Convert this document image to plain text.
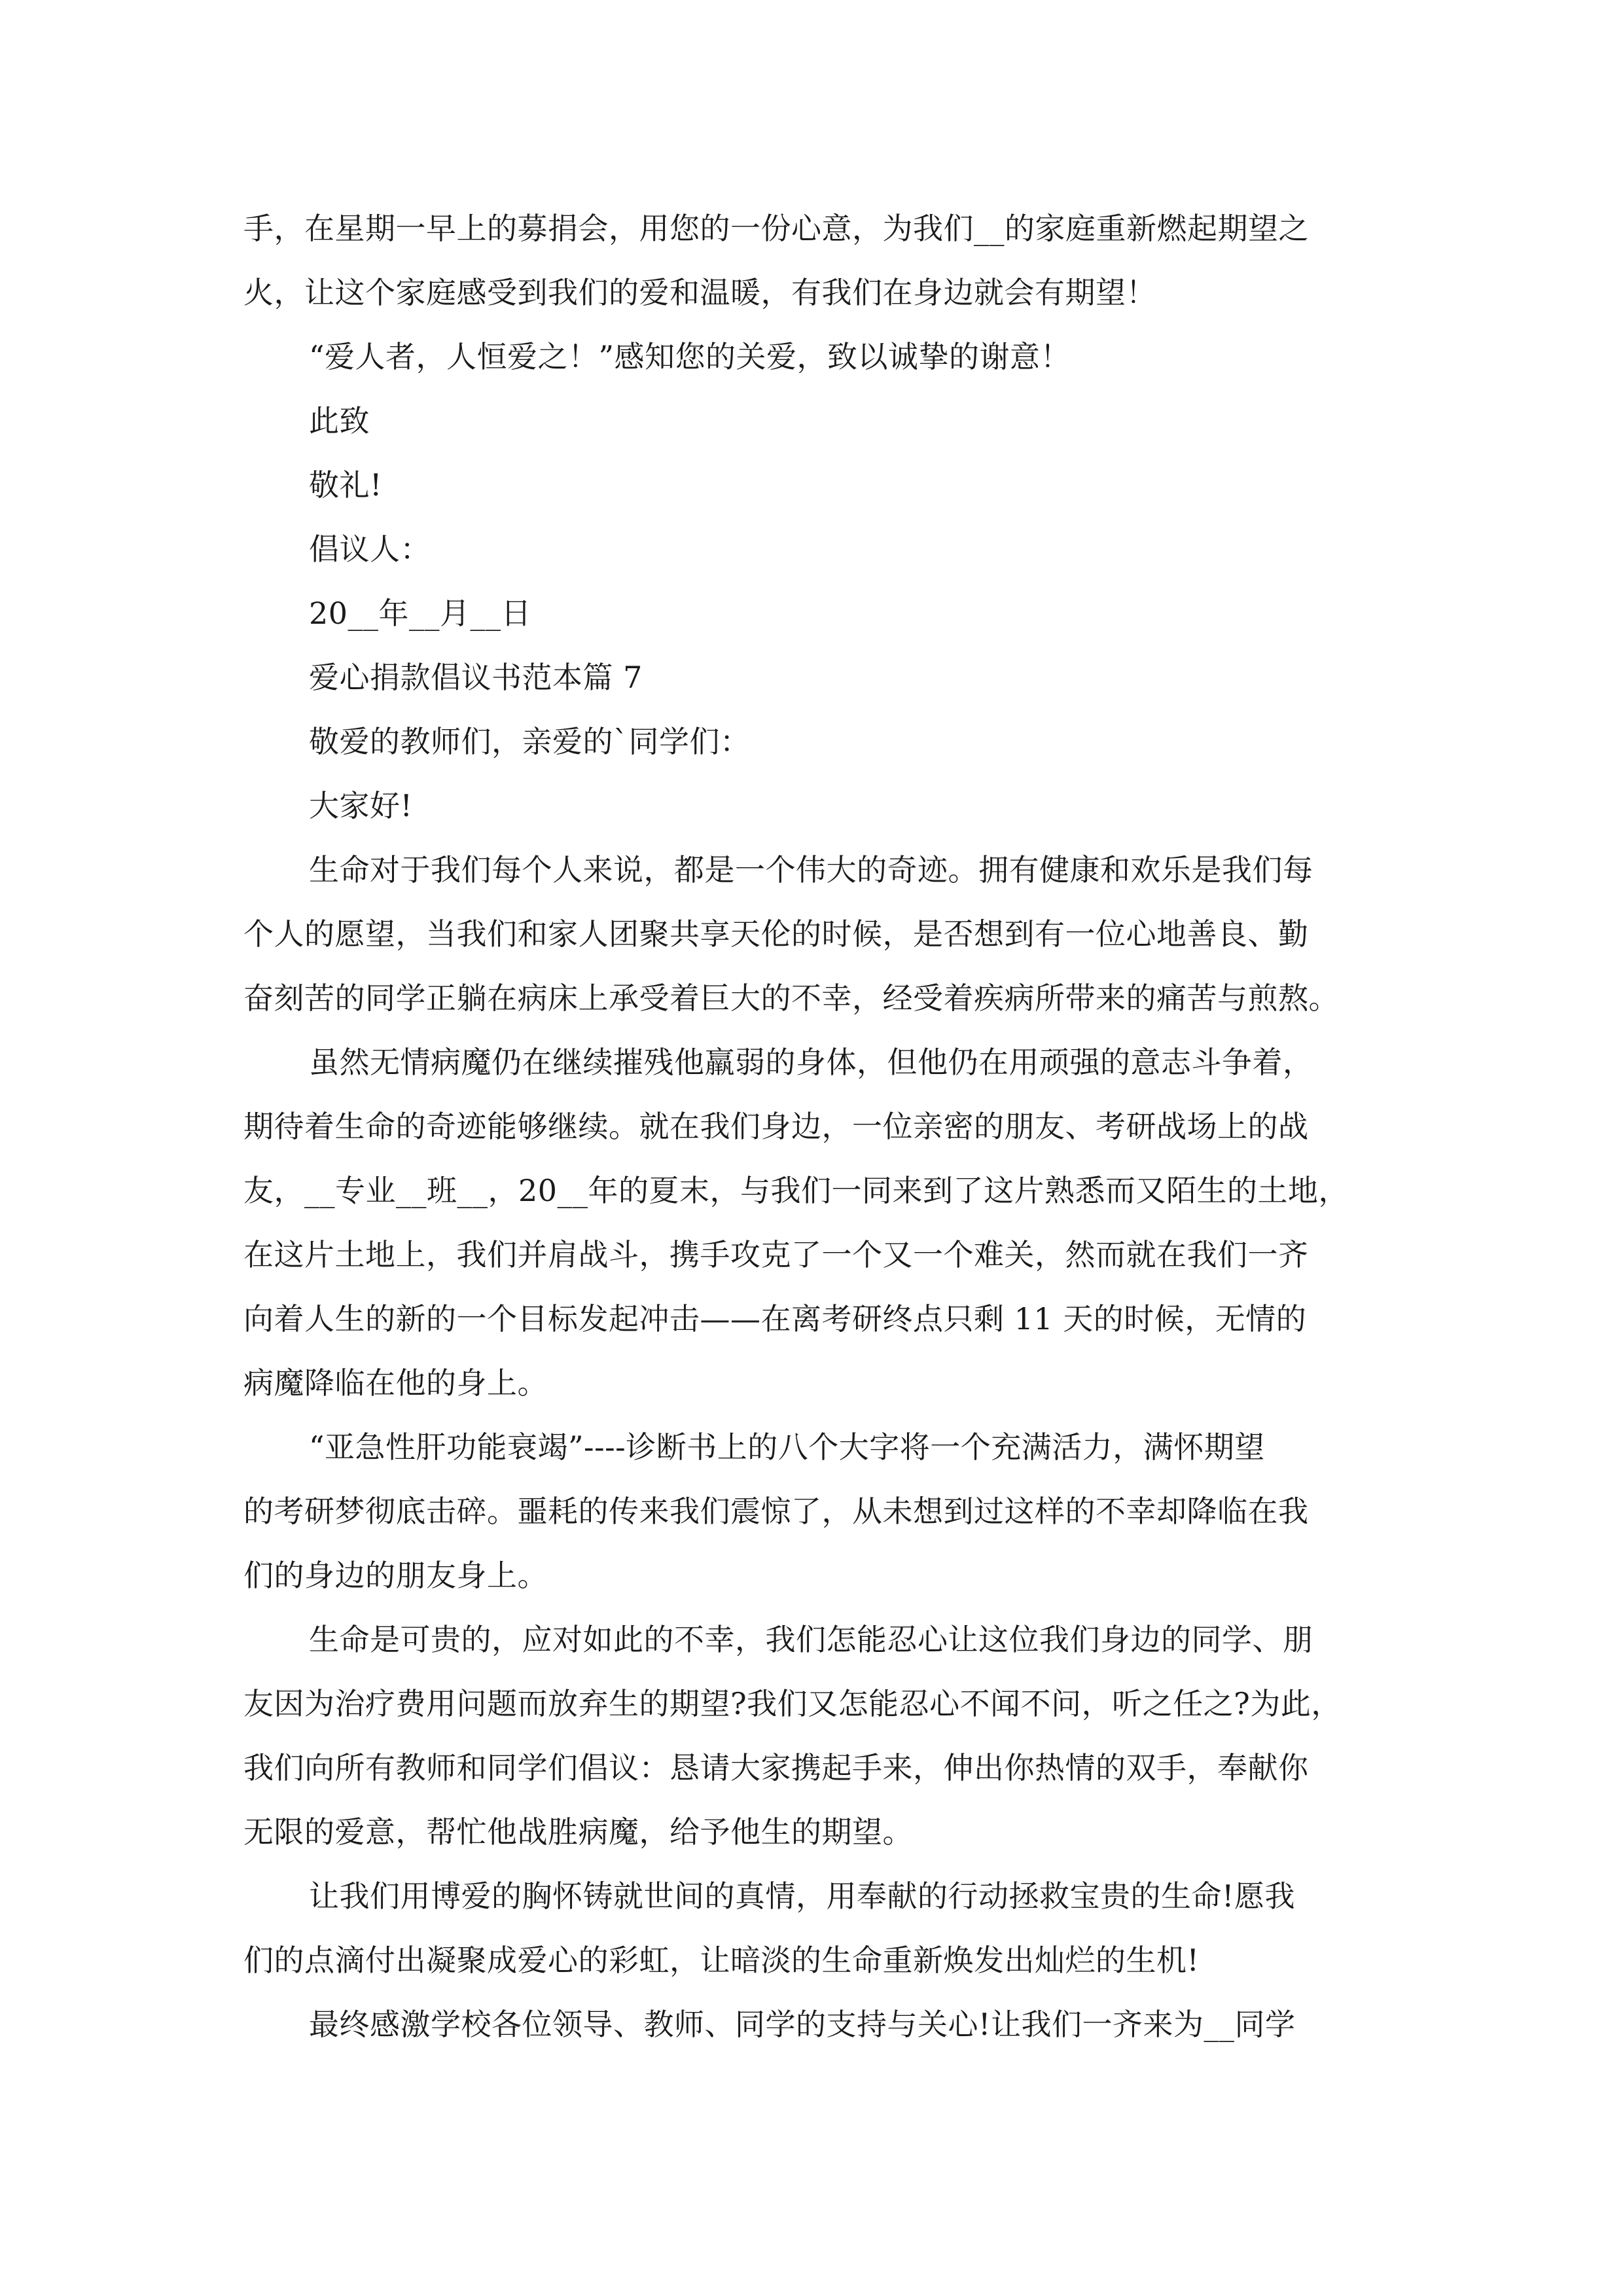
手，在星期一早上的募捐会，用您的一份心意，为我们__的家庭重新燃起期望之
火，让这个家庭感受到我们的爱和温暖，有我们在身边就会有期望！
“爱人者，人恒爱之！”感知您的关爱，致以诚挚的谢意！
此致
敬礼!
倡议人：
20__年__月__日
爱心捐款倡议书范本篇 7
敬爱的教师们，亲爱的`同学们：
大家好!
生命对于我们每个人来说，都是一个伟大的奇迹。拥有健康和欢乐是我们每
个人的愿望，当我们和家人团聚共享天伦的时候，是否想到有一位心地善良、勤
奋刻苦的同学正躺在病床上承受着巨大的不幸，经受着疾病所带来的痛苦与煎熬。
虽然无情病魔仍在继续摧残他羸弱的身体，但他仍在用顽强的意志斗争着，
期待着生命的奇迹能够继续。就在我们身边，一位亲密的朋友、考研战场上的战
友，__专业__班__，20__年的夏末，与我们一同来到了这片熟悉而又陌生的土地，
在这片土地上，我们并肩战斗，携手攻克了一个又一个难关，然而就在我们一齐
向着人生的新的一个目标发起冲击——在离考研终点只剩 11 天的时候，无情的
病魔降临在他的身上。
“亚急性肝功能衰竭”----诊断书上的八个大字将一个充满活力，满怀期望
的考研梦彻底击碎。噩耗的传来我们震惊了，从未想到过这样的不幸却降临在我
们的身边的朋友身上。
生命是可贵的，应对如此的不幸，我们怎能忍心让这位我们身边的同学、朋
友因为治疗费用问题而放弃生的期望?我们又怎能忍心不闻不问，听之任之?为此，
我们向所有教师和同学们倡议：恳请大家携起手来，伸出你热情的双手，奉献你
无限的爱意，帮忙他战胜病魔，给予他生的期望。
让我们用博爱的胸怀铸就世间的真情，用奉献的行动拯救宝贵的生命!愿我
们的点滴付出凝聚成爱心的彩虹，让暗淡的生命重新焕发出灿烂的生机!
最终感激学校各位领导、教师、同学的支持与关心!让我们一齐来为__同学
